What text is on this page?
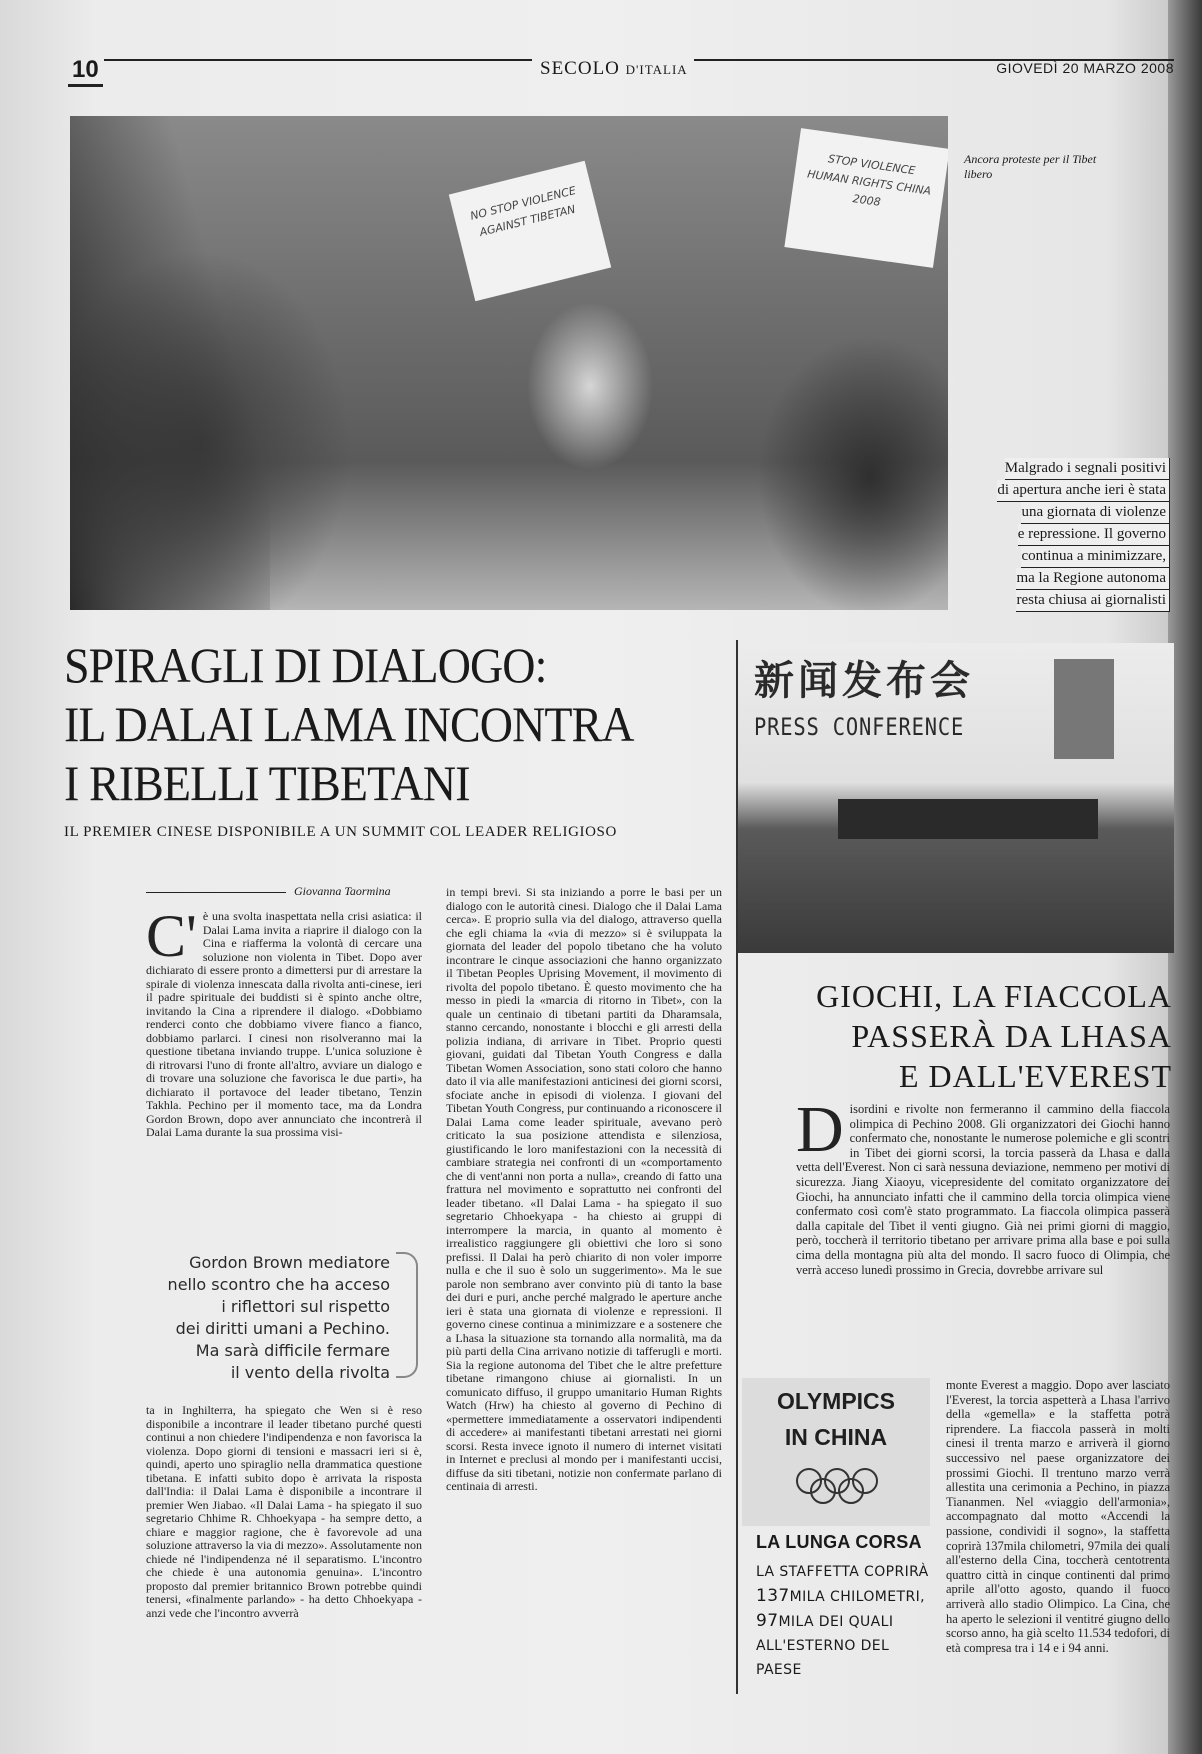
10	SECOLO D'ITALIA	GIOVEDÌ 20 MARZO 2008
NO STOP VIOLENCE AGAINST TIBETAN
STOP VIOLENCE HUMAN RIGHTS CHINA 2008
Ancora proteste per il Tibet libero
Malgrado i segnali positivi
di apertura anche ieri è stata
una giornata di violenze
e repressione. Il governo
continua a minimizzare,
ma la Regione autonoma
resta chiusa ai giornalisti
SPIRAGLI DI DIALOGO:
IL DALAI LAMA INCONTRA
I RIBELLI TIBETANI
IL PREMIER CINESE DISPONIBILE A UN SUMMIT COL LEADER RELIGIOSO
Giovanna Taormina
C' è una svolta inaspettata nella crisi asiatica: il Dalai Lama invita a riaprire il dialogo con la Cina e riafferma la volontà di cercare una soluzione non violenta in Tibet. Dopo aver dichiarato di essere pronto a dimettersi pur di arrestare la spirale di violenza innescata dalla rivolta anti-cinese, ieri il padre spirituale dei buddisti si è spinto anche oltre, invitando la Cina a riprendere il dialogo. «Dobbiamo renderci conto che dobbiamo vivere fianco a fianco, dobbiamo parlarci. I cinesi non risolveranno mai la questione tibetana inviando truppe. L'unica soluzione è di ritrovarsi l'uno di fronte all'altro, avviare un dialogo e di trovare una soluzione che favorisca le due parti», ha dichiarato il portavoce del leader tibetano, Tenzin Takhla. Pechino per il momento tace, ma da Londra Gordon Brown, dopo aver annunciato che incontrerà il Dalai Lama durante la sua prossima visi-
Gordon Brown mediatore
nello scontro che ha acceso
i riflettori sul rispetto
dei diritti umani a Pechino.
Ma sarà difficile fermare
il vento della rivolta
ta in Inghilterra, ha spiegato che Wen si è reso disponibile a incontrare il leader tibetano purché questi continui a non chiedere l'indipendenza e non favorisca la violenza. Dopo giorni di tensioni e massacri ieri si è, quindi, aperto uno spiraglio nella drammatica questione tibetana. E infatti subito dopo è arrivata la risposta dall'India: il Dalai Lama è disponibile a incontrare il premier Wen Jiabao. «Il Dalai Lama - ha spiegato il suo segretario Chhime R. Chhoekyapa - ha sempre detto, a chiare e maggior ragione, che è favorevole ad una soluzione attraverso la via di mezzo». Assolutamente non chiede né l'indipendenza né il separatismo. L'incontro che chiede è una autonomia genuina». L'incontro proposto dal premier britannico Brown potrebbe quindi tenersi, «finalmente parlando» - ha detto Chhoekyapa - anzi vede che l'incontro avverrà
in tempi brevi. Si sta iniziando a porre le basi per un dialogo con le autorità cinesi. Dialogo che il Dalai Lama cerca». E proprio sulla via del dialogo, attraverso quella che egli chiama la «via di mezzo» si è sviluppata la giornata del leader del popolo tibetano che ha voluto incontrare le cinque associazioni che hanno organizzato il Tibetan Peoples Uprising Movement, il movimento di rivolta del popolo tibetano. È questo movimento che ha messo in piedi la «marcia di ritorno in Tibet», con la quale un centinaio di tibetani partiti da Dharamsala, stanno cercando, nonostante i blocchi e gli arresti della polizia indiana, di arrivare in Tibet. Proprio questi giovani, guidati dal Tibetan Youth Congress e dalla Tibetan Women Association, sono stati coloro che hanno dato il via alle manifestazioni anticinesi dei giorni scorsi, sfociate anche in episodi di violenza. I giovani del Tibetan Youth Congress, pur continuando a riconoscere il Dalai Lama come leader spirituale, avevano però criticato la sua posizione attendista e silenziosa, giustificando le loro manifestazioni con la necessità di cambiare strategia nei confronti di un «comportamento che di vent'anni non porta a nulla», creando di fatto una frattura nel movimento e soprattutto nei confronti del leader tibetano. «Il Dalai Lama - ha spiegato il suo segretario Chhoekyapa - ha chiesto ai gruppi di interrompere la marcia, in quanto al momento è irrealistico raggiungere gli obiettivi che loro si sono prefissi. Il Dalai ha però chiarito di non voler imporre nulla e che il suo è solo un suggerimento». Ma le sue parole non sembrano aver convinto più di tanto la base dei duri e puri, anche perché malgrado le aperture anche ieri è stata una giornata di violenze e repressioni. Il governo cinese continua a minimizzare e a sostenere che a Lhasa la situazione sta tornando alla normalità, ma da più parti della Cina arrivano notizie di tafferugli e morti. Sia la regione autonoma del Tibet che le altre prefetture tibetane rimangono chiuse ai giornalisti. In un comunicato diffuso, il gruppo umanitario Human Rights Watch (Hrw) ha chiesto al governo di Pechino di «permettere immediatamente a osservatori indipendenti di accedere» ai manifestanti tibetani arrestati nei giorni scorsi. Resta invece ignoto il numero di internet visitati in Internet e preclusi al mondo per i manifestanti uccisi, diffuse da siti tibetani, notizie non confermate parlano di centinaia di arresti.
新闻发布会
PRESS CONFERENCE
GIOCHI, LA FIACCOLA
PASSERÀ DA LHASA
E DALL'EVEREST
D isordini e rivolte non fermeranno il cammino della fiaccola olimpica di Pechino 2008. Gli organizzatori dei Giochi hanno confermato che, nonostante le numerose polemiche e gli scontri in Tibet dei giorni scorsi, la torcia passerà da Lhasa e dalla vetta dell'Everest. Non ci sarà nessuna deviazione, nemmeno per motivi di sicurezza. Jiang Xiaoyu, vicepresidente del comitato organizzatore dei Giochi, ha annunciato infatti che il cammino della torcia olimpica viene confermato così com'è stato programmato. La fiaccola olimpica passerà dalla capitale del Tibet il venti giugno. Già nei primi giorni di maggio, però, toccherà il territorio tibetano per arrivare prima alla base e poi sulla cima della montagna più alta del mondo. Il sacro fuoco di Olimpia, che verrà acceso lunedì prossimo in Grecia, dovrebbe arrivare sul
monte Everest a maggio. Dopo aver lasciato l'Everest, la torcia aspetterà a Lhasa l'arrivo della «gemella» e la staffetta potrà riprendere. La fiaccola passerà in molti cinesi il trenta marzo e arriverà il giorno successivo nel paese organizzatore dei prossimi Giochi. Il trentuno marzo verrà allestita una cerimonia a Pechino, in piazza Tiananmen. Nel «viaggio dell'armonia», accompagnato dal motto «Accendi la passione, condividi il sogno», la staffetta coprirà 137mila chilometri, 97mila dei quali all'esterno della Cina, toccherà centotrenta quattro città in cinque continenti dal primo aprile all'otto agosto, quando il fuoco arriverà allo stadio Olimpico. La Cina, che ha aperto le selezioni il ventitré giugno dello scorso anno, ha già scelto 11.534 tedofori, di età compresa tra i 14 e i 94 anni.
OLYMPICS
IN CHINA
LA LUNGA CORSA
LA STAFFETTA COPRIRÀ
137MILA CHILOMETRI,
97MILA DEI QUALI
ALL'ESTERNO DEL PAESE
